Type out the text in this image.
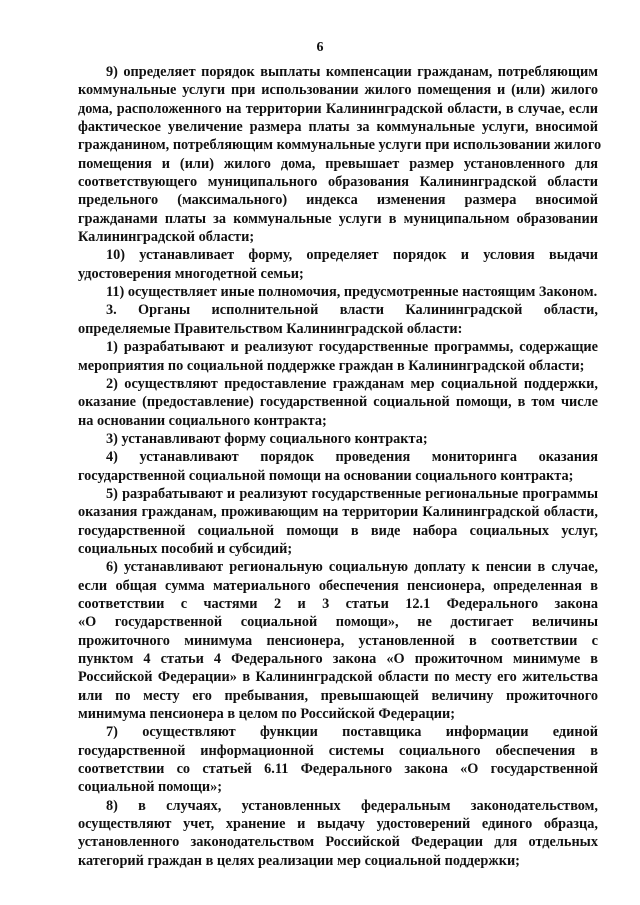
6
9) определяет порядок выплаты компенсации гражданам, потребляющим
коммунальные услуги при использовании жилого помещения и (или) жилого
дома, расположенного на территории Калининградской области, в случае, если
фактическое увеличение размера платы за коммунальные услуги, вносимой
гражданином, потребляющим коммунальные услуги при использовании жилого
помещения и (или) жилого дома, превышает размер установленного для
соответствующего муниципального образования Калининградской области
предельного (максимального) индекса изменения размера вносимой
гражданами платы за коммунальные услуги в муниципальном образовании
Калининградской области;
10) устанавливает форму, определяет порядок и условия выдачи
удостоверения многодетной семьи;
11) осуществляет иные полномочия, предусмотренные настоящим Законом.
3. Органы исполнительной власти Калининградской области,
определяемые Правительством Калининградской области:
1) разрабатывают и реализуют государственные программы, содержащие
мероприятия по социальной поддержке граждан в Калининградской области;
2) осуществляют предоставление гражданам мер социальной поддержки,
оказание (предоставление) государственной социальной помощи, в том числе
на основании социального контракта;
3) устанавливают форму социального контракта;
4) устанавливают порядок проведения мониторинга оказания
государственной социальной помощи на основании социального контракта;
5) разрабатывают и реализуют государственные региональные программы
оказания гражданам, проживающим на территории Калининградской области,
государственной социальной помощи в виде набора социальных услуг,
социальных пособий и субсидий;
6) устанавливают региональную социальную доплату к пенсии в случае,
если общая сумма материального обеспечения пенсионера, определенная в
соответствии с частями 2 и 3 статьи 12.1 Федерального закона
«О государственной социальной помощи», не достигает величины
прожиточного минимума пенсионера, установленной в соответствии с
пунктом 4 статьи 4 Федерального закона «О прожиточном минимуме в
Российской Федерации» в Калининградской области по месту его жительства
или по месту его пребывания, превышающей величину прожиточного
минимума пенсионера в целом по Российской Федерации;
7) осуществляют функции поставщика информации единой
государственной информационной системы социального обеспечения в
соответствии со статьей 6.11 Федерального закона «О государственной
социальной помощи»;
8) в случаях, установленных федеральным законодательством,
осуществляют учет, хранение и выдачу удостоверений единого образца,
установленного законодательством Российской Федерации для отдельных
категорий граждан в целях реализации мер социальной поддержки;
